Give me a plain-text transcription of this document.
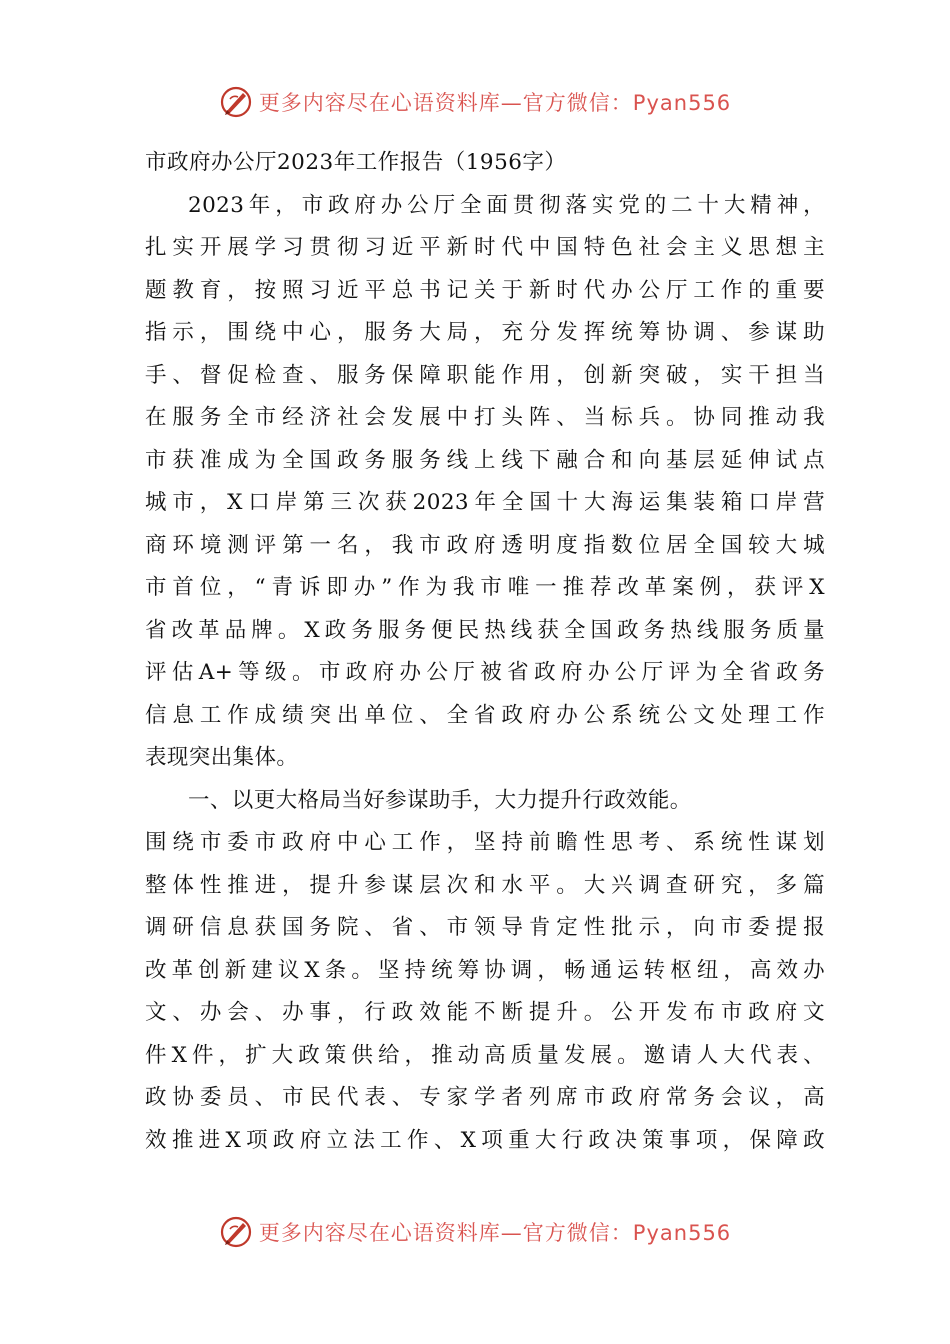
更多内容尽在心语资料库—官方微信：Pyan556
市政府办公厅2023年工作报告（1956字）
2023年，市政府办公厅全面贯彻落实党的二十大精神，
扎实开展学习贯彻习近平新时代中国特色社会主义思想主
题教育，按照习近平总书记关于新时代办公厅工作的重要
指示，围绕中心，服务大局，充分发挥统筹协调、参谋助
手、督促检查、服务保障职能作用，创新突破，实干担当
在服务全市经济社会发展中打头阵、当标兵。协同推动我
市获准成为全国政务服务线上线下融合和向基层延伸试点
城市，X口岸第三次获2023年全国十大海运集装箱口岸营
商环境测评第一名，我市政府透明度指数位居全国较大城
市首位，“青诉即办”作为我市唯一推荐改革案例，获评X
省改革品牌。X政务服务便民热线获全国政务热线服务质量
评估A+等级。市政府办公厅被省政府办公厅评为全省政务
信息工作成绩突出单位、全省政府办公系统公文处理工作
表现突出集体。
一、以更大格局当好参谋助手，大力提升行政效能。
围绕市委市政府中心工作，坚持前瞻性思考、系统性谋划
整体性推进，提升参谋层次和水平。大兴调查研究，多篇
调研信息获国务院、省、市领导肯定性批示，向市委提报
改革创新建议X条。坚持统筹协调，畅通运转枢纽，高效办
文、办会、办事，行政效能不断提升。公开发布市政府文
件X件，扩大政策供给，推动高质量发展。邀请人大代表、
政协委员、市民代表、专家学者列席市政府常务会议，高
效推进X项政府立法工作、X项重大行政决策事项，保障政
更多内容尽在心语资料库—官方微信：Pyan556
